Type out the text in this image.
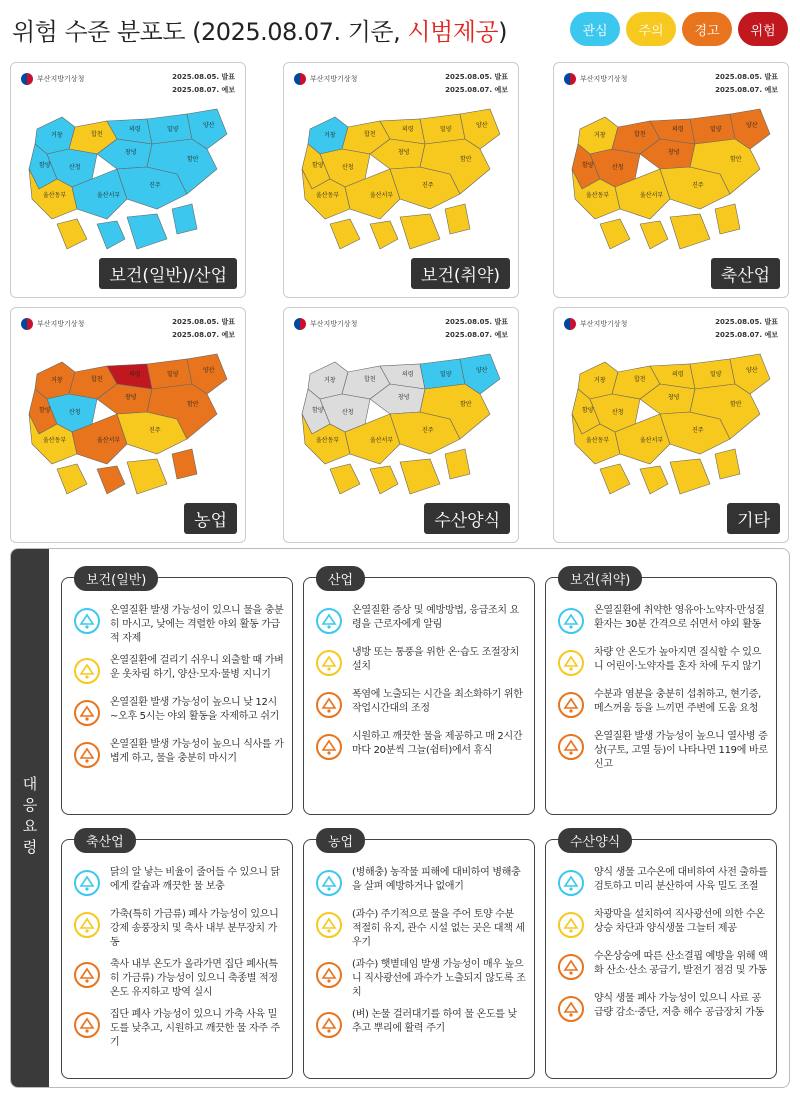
위험 수준 분포도 (2025.08.07. 기준, 시범제공)	관심	주의	경고	위험
부산지방기상청	2025.08.05. 발표
2025.08.07. 예보
거창	합천
함양	산청
의령
창녕
밀양
양산
울산동부	울산서부
진주
함안
보건(일반)/산업
부산지방기상청	2025.08.05. 발표
2025.08.07. 예보
거창	합천
함양	산청
의령
창녕
밀양
양산
울산동부	울산서부
진주
함안
보건(취약)
부산지방기상청	2025.08.05. 발표
2025.08.07. 예보
거창	합천
함양	산청
의령
창녕
밀양
양산
울산동부	울산서부
진주
함안
축산업
부산지방기상청	2025.08.05. 발표
2025.08.07. 예보
거창	합천
함양	산청
의령
창녕
밀양
양산
울산동부	울산서부
진주
함안
농업
부산지방기상청	2025.08.05. 발표
2025.08.07. 예보
거창	합천
함양	산청
의령
창녕
밀양
양산
울산동부	울산서부
진주
함안
수산양식
부산지방기상청	2025.08.05. 발표
2025.08.07. 예보
거창	합천
함양	산청
의령
창녕
밀양
양산
울산동부	울산서부
진주
함안
기타
대응요령
보건(일반)
온열질환 발생 가능성이 있으니 물을 충분히 마시고, 낮에는 격렬한 야외 활동 가급적 자제
온열질환에 걸리기 쉬우니 외출할 때 가벼운 옷차림 하기, 양산·모자·물병 지니기
온열질환 발생 가능성이 높으니 낮 12시~오후 5시는 야외 활동을 자제하고 쉬기
온열질환 발생 가능성이 높으니 식사를 가볍게 하고, 물을 충분히 마시기
산업
온열질환 증상 및 예방방법, 응급조치 요령을 근로자에게 알림
냉방 또는 통풍을 위한 온·습도 조절장치 설치
폭염에 노출되는 시간을 최소화하기 위한 작업시간대의 조정
시원하고 깨끗한 물을 제공하고 매 2시간마다 20분씩 그늘(쉼터)에서 휴식
보건(취약)
온열질환에 취약한 영유아·노약자·만성질환자는 30분 간격으로 쉬면서 야외 활동
차량 안 온도가 높아지면 질식할 수 있으니 어린이·노약자를 혼자 차에 두지 않기
수분과 염분을 충분히 섭취하고, 현기증, 메스꺼움 등을 느끼면 주변에 도움 요청
온열질환 발생 가능성이 높으니 열사병 증상(구토, 고열 등)이 나타나면 119에 바로 신고
축산업
닭의 알 낳는 비율이 줄어들 수 있으니 닭에게 칼슘과 깨끗한 물 보충
가축(특히 가금류) 폐사 가능성이 있으니 강제 송풍장치 및 축사 내부 분무장치 가동
축사 내부 온도가 올라가면 집단 폐사(특히 가금류) 가능성이 있으니 축종별 적정 온도 유지하고 방역 실시
집단 폐사 가능성이 있으니 가축 사육 밀도를 낮추고, 시원하고 깨끗한 물 자주 주기
농업
(병해충) 농작물 피해에 대비하여 병해충을 살펴 예방하거나 없애기
(과수) 주기적으로 물을 주어 토양 수분 적절히 유지, 관수 시설 없는 곳은 대책 세우기
(과수) 햇볕데임 발생 가능성이 매우 높으니 직사광선에 과수가 노출되지 않도록 조치
(벼) 논물 걸러대기를 하여 물 온도를 낮추고 뿌리에 활력 주기
수산양식
양식 생물 고수온에 대비하여 사전 출하를 검토하고 미리 분산하여 사육 밀도 조절
차광막을 설치하여 직사광선에 의한 수온상승 차단과 양식생물 그늘터 제공
수온상승에 따른 산소결핍 예방을 위해 액화 산소·산소 공급기, 발전기 점검 및 가동
양식 생물 폐사 가능성이 있으니 사료 공급량 감소·중단, 저층 해수 공급장치 가동
